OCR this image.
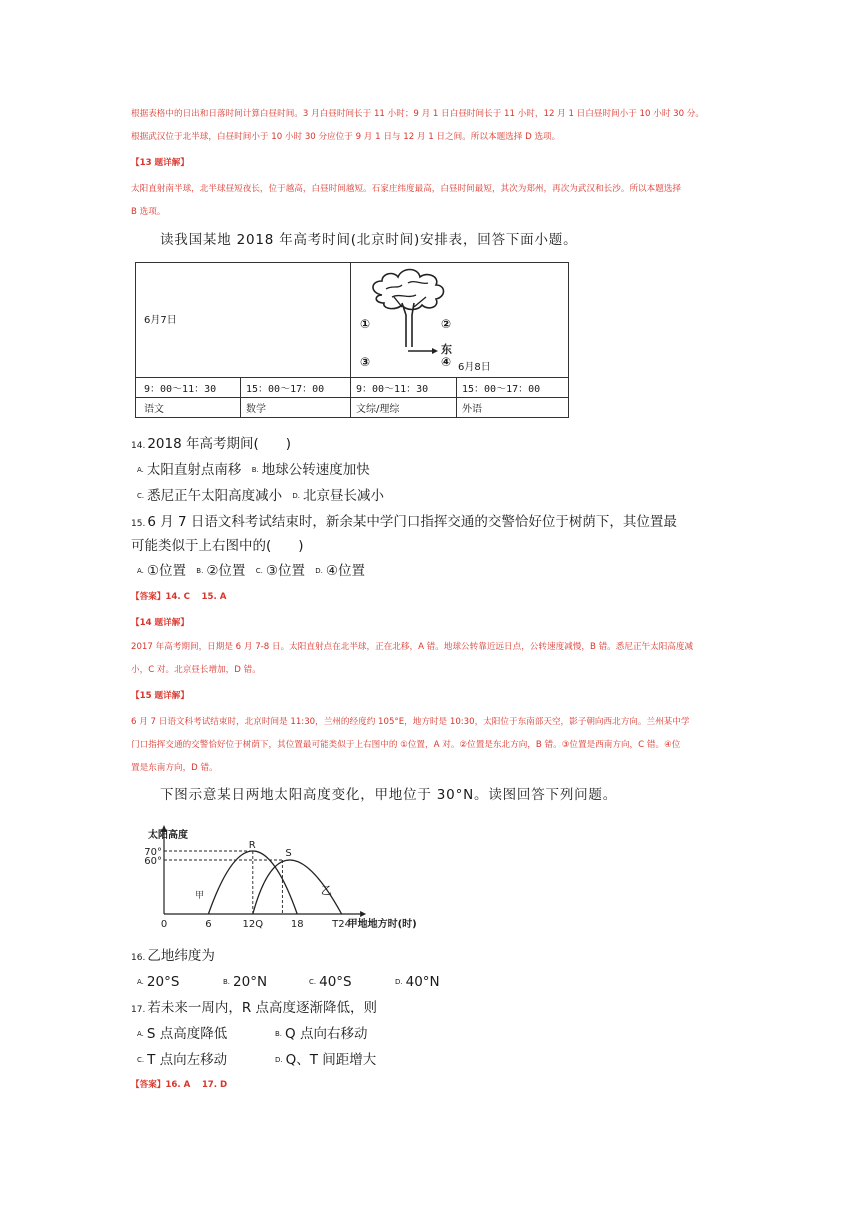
根据表格中的日出和日落时间计算白昼时间。3 月白昼时间长于 11 小时；9 月 1 日白昼时间长于 11 小时，12 月 1 日白昼时间小于 10 小时 30 分。
根据武汉位于北半球，白昼时间小于 10 小时 30 分应位于 9 月 1 日与 12 月 1 日之间。所以本题选择 D 选项。
【13 题详解】
太阳直射南半球，北半球昼短夜长，位于越高，白昼时间越短。石家庄纬度最高，白昼时间最短，其次为郑州，再次为武汉和长沙。所以本题选择
B 选项。
读我国某地 2018 年高考时间(北京时间)安排表，回答下面小题。
6月7日	①	②
③	④
东
6月8日
9：00～11：30	15：00～17：00	9：00～11：30	15：00～17：00
语文	数学	文综/理综	外语
14. 2018 年高考期间(　　)
A. 太阳直射点南移 B. 地球公转速度加快
C. 悉尼正午太阳高度减小 D. 北京昼长减小
15. 6 月 7 日语文科考试结束时，新余某中学门口指挥交通的交警恰好位于树荫下，其位置最
可能类似于上右图中的(　　)
A. ①位置 B. ②位置 C. ③位置 D. ④位置
【答案】14. C　 15. A
【14 题详解】
2017 年高考期间，日期是 6 月 7-8 日。太阳直射点在北半球，正在北移，A 错。地球公转靠近远日点，公转速度减慢，B 错。悉尼正午太阳高度减
小，C 对。北京昼长增加，D 错。
【15 题详解】
6 月 7 日语文科考试结束时，北京时间是 11:30，兰州的经度约 105°E，地方时是 10:30，太阳位于东南部天空，影子朝向西北方向。兰州某中学
门口指挥交通的交警恰好位于树荫下，其位置最可能类似于上右图中的 ①位置，A 对。②位置是东北方向，B 错。③位置是西南方向，C 错。④位
置是东南方向，D 错。
下图示意某日两地太阳高度变化，甲地位于 30°N。读图回答下列问题。
太阳高度
甲地地方时(时)
70°
60°
0	6	12Q	18	T24
R
S
甲	乙
16. 乙地纬度为
A. 20°S	B. 20°N	C. 40°S	D. 40°N
17. 若未来一周内，R 点高度逐渐降低，则
A. S 点高度降低	B. Q 点向右移动
C. T 点向左移动	D. Q、T 间距增大
【答案】16. A　 17. D
